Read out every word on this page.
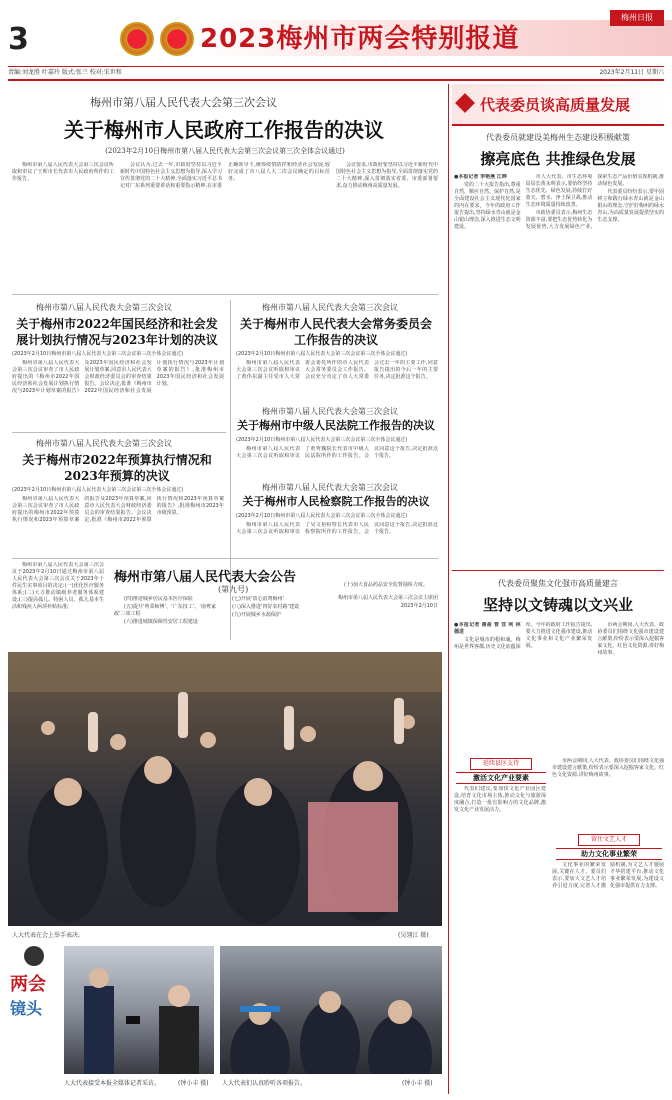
3	2023梅州市两会特别报道
梅州日报
责编:刘龙胜 叶嘉玲 版式:张兰 校对:宋世和	2023年2月11日 星期六
梅州市第八届人民代表大会第三次会议
关于梅州市人民政府工作报告的决议
(2023年2月10日梅州市第八届人民代表大会第三次会议第三次全体会议通过)

梅州市第八届人民代表大会第三次会议听取和审议了王晖市长代表市人民政府所作的工作报告。

会议认为,过去一年,市政府坚持以习近平新时代中国特色社会主义思想为指导,深入学习宣传贯彻党的二十大精神,全面落实习近平总书记对广东系列重要讲话和重要指示精神,在市委正确领导下,统筹疫情防控和经济社会发展,较好完成了市八届人大二次会议确定的目标任务。

会议要求,市政府要坚持以习近平新时代中国特色社会主义思想为指导,全面贯彻落实党的二十大精神,深入贯彻落实省委、市委部署要求,奋力推动梅州高质量发展。

梅州市第八届人民代表大会第三次会议
关于梅州市2022年国民经济和社会发展计划执行情况与2023年计划的决议
(2023年2月10日梅州市第八届人民代表大会第三次会议第三次全体会议通过)

梅州市第八届人民代表大会第三次会议审查了市人民政府提出的《梅州市2022年国民经济和社会发展计划执行情况与2023年计划草案的报告》及2023年国民经济和社会发展计划草案,同意市人民代表大会财政经济委员会的审查结果报告。会议决定,批准《梅州市2022年国民经济和社会发展计划执行情况与2023年计划草案的报告》,批准梅州市2023年国民经济和社会发展计划。

梅州市第八届人民代表大会第三次会议
关于梅州市人民代表大会常务委员会工作报告的决议
(2023年2月10日梅州市第八届人民代表大会第三次会议第三次全体会议通过)

梅州市第八届人民代表大会第三次会议听取和审议了黄伟东副主任受市人大常委会委托所作的市人民代表大会常务委员会工作报告。会议充分肯定了市人大常委会过去一年的主要工作,同意报告提出的今后一年的主要任务,决定批准这个报告。

梅州市第八届人民代表大会第三次会议
关于梅州市中级人民法院工作报告的决议
(2023年2月10日梅州市第八届人民代表大会第三次会议第三次全体会议通过)

梅州市第八届人民代表大会第三次会议听取和审议了黄秀魏院长代表市中级人民法院所作的工作报告。会议同意这个报告,决定批准这个报告。

梅州市第八届人民代表大会第三次会议
关于梅州市2022年预算执行情况和2023年预算的决议
(2023年2月10日梅州市第八届人民代表大会第三次会议第三次全体会议通过)

梅州市第八届人民代表大会第三次会议审查了市人民政府提出的梅州市2022年预算执行情况和2023年预算草案的报告及2023年预算草案,同意市人民代表大会财政经济委员会的审查结果报告。会议决定,批准《梅州市2022年预算执行情况和2023年预算草案的报告》,批准梅州市2023年市级预算。

梅州市第八届人民代表大会第三次会议
关于梅州市人民检察院工作报告的决议
(2023年2月10日梅州市第八届人民代表大会第三次会议第三次全体会议通过)

梅州市第八届人民代表大会第三次会议听取和审议了吴文裕检察长代表市人民检察院所作的工作报告。会议同意这个报告,决定批准这个报告。

梅州市第八届人民代表大会第三次会议于2023年2月10日通过梅州市第八届人民代表大会第三次会议关于2023年十件民生实事项目的决定:(一)优化医疗服务体系;(二)大力推动镇级养老服务体系建设;(三)提高孤儿、特困人员、孤儿基本生活和残疾人两项补贴标准;

梅州市第八届人民代表大会公告
(第九号)

(四)推进城乡居民基本医疗保险

(五)提升‘粤菜师傅’、‘广东技工’、‘南粤家政’三项工程

(六)推进城镇保障性安居工程建设

(七)开展‘放心消费梅州’

(八)深入推进‘四好农村路’建设

(九)开展城乡水源保护

(十)加大食品药品安全监督抽检力度。

梅州市第八届人民代表大会第三次会议主席团

2023年2月10日

人大代表在会上举手表决。	(吴翎江 摄)
两会
镜头
人大代表接受本报全媒体记者采访。	(钟小丰 摄) 人大代表们认真聆听各项报告。	(钟小丰 摄)
代表委员谈高质量发展
代表委员就建设美梅州生态建设积极献策
擦亮底色 共推绿色发展

●本报记者 李艳燕 江晔

党的二十大报告指出,尊重自然、顺应自然、保护自然,是全面建设社会主义现代化国家的内在要求。今年的政府工作报告提出,坚持绿水青山就是金山银山理念,深入推进生态文明建设。

市人大代表、市生态环境局局长黄永明表示,要始终坚持生态优先、绿色发展,持续打好蓝天、碧水、净土保卫战,推动生态环境质量持续改善。

市政协委员表示,梅州生态资源丰富,要把生态优势转化为发展优势,大力发展绿色产业,探索生态产品价值实现机制,推动绿色发展。

代表委员纷纷表示,要牢固树立和践行绿水青山就是金山银山的理念,守护好梅州的绿水青山,为高质量发展提供坚实的生态支撑。

代表委员聚焦文化强市高质量建言
坚持以文铸魂以文兴业

●本报记者 谢盈 曾 宜 利 林德进

文化是城市的根和魂。梅州是世界客都,历史文化底蕴深厚。今年的政府工作报告提出,要大力推进文化强市建设,推动文化事业和文化产业繁荣发展。

市两会期间,人大代表、政协委员们围绕文化强市建设建言献策,纷纷表示要深入挖掘客家文化、红色文化资源,讲好梅州故事。

延续县区支持
激活文化产业要素

代表们建议,要加快文化产业园区建设,培育文化市场主体,推动文化与旅游深度融合,打造一批有影响力的文化品牌,激发文化产业发展活力。

市两会期间,人大代表、政协委员们围绕文化强市建设建言献策,纷纷表示要深入挖掘客家文化、红色文化资源,讲好梅州故事。

留住文艺人才
助力文化事业繁荣

文化事业的繁荣发展,关键在人才。委员们表示,要加大文艺人才培养引进力度,完善人才激励机制,为文艺人才施展才华搭建平台,推动文化事业繁荣发展,为建设文化强市提供有力支撑。
